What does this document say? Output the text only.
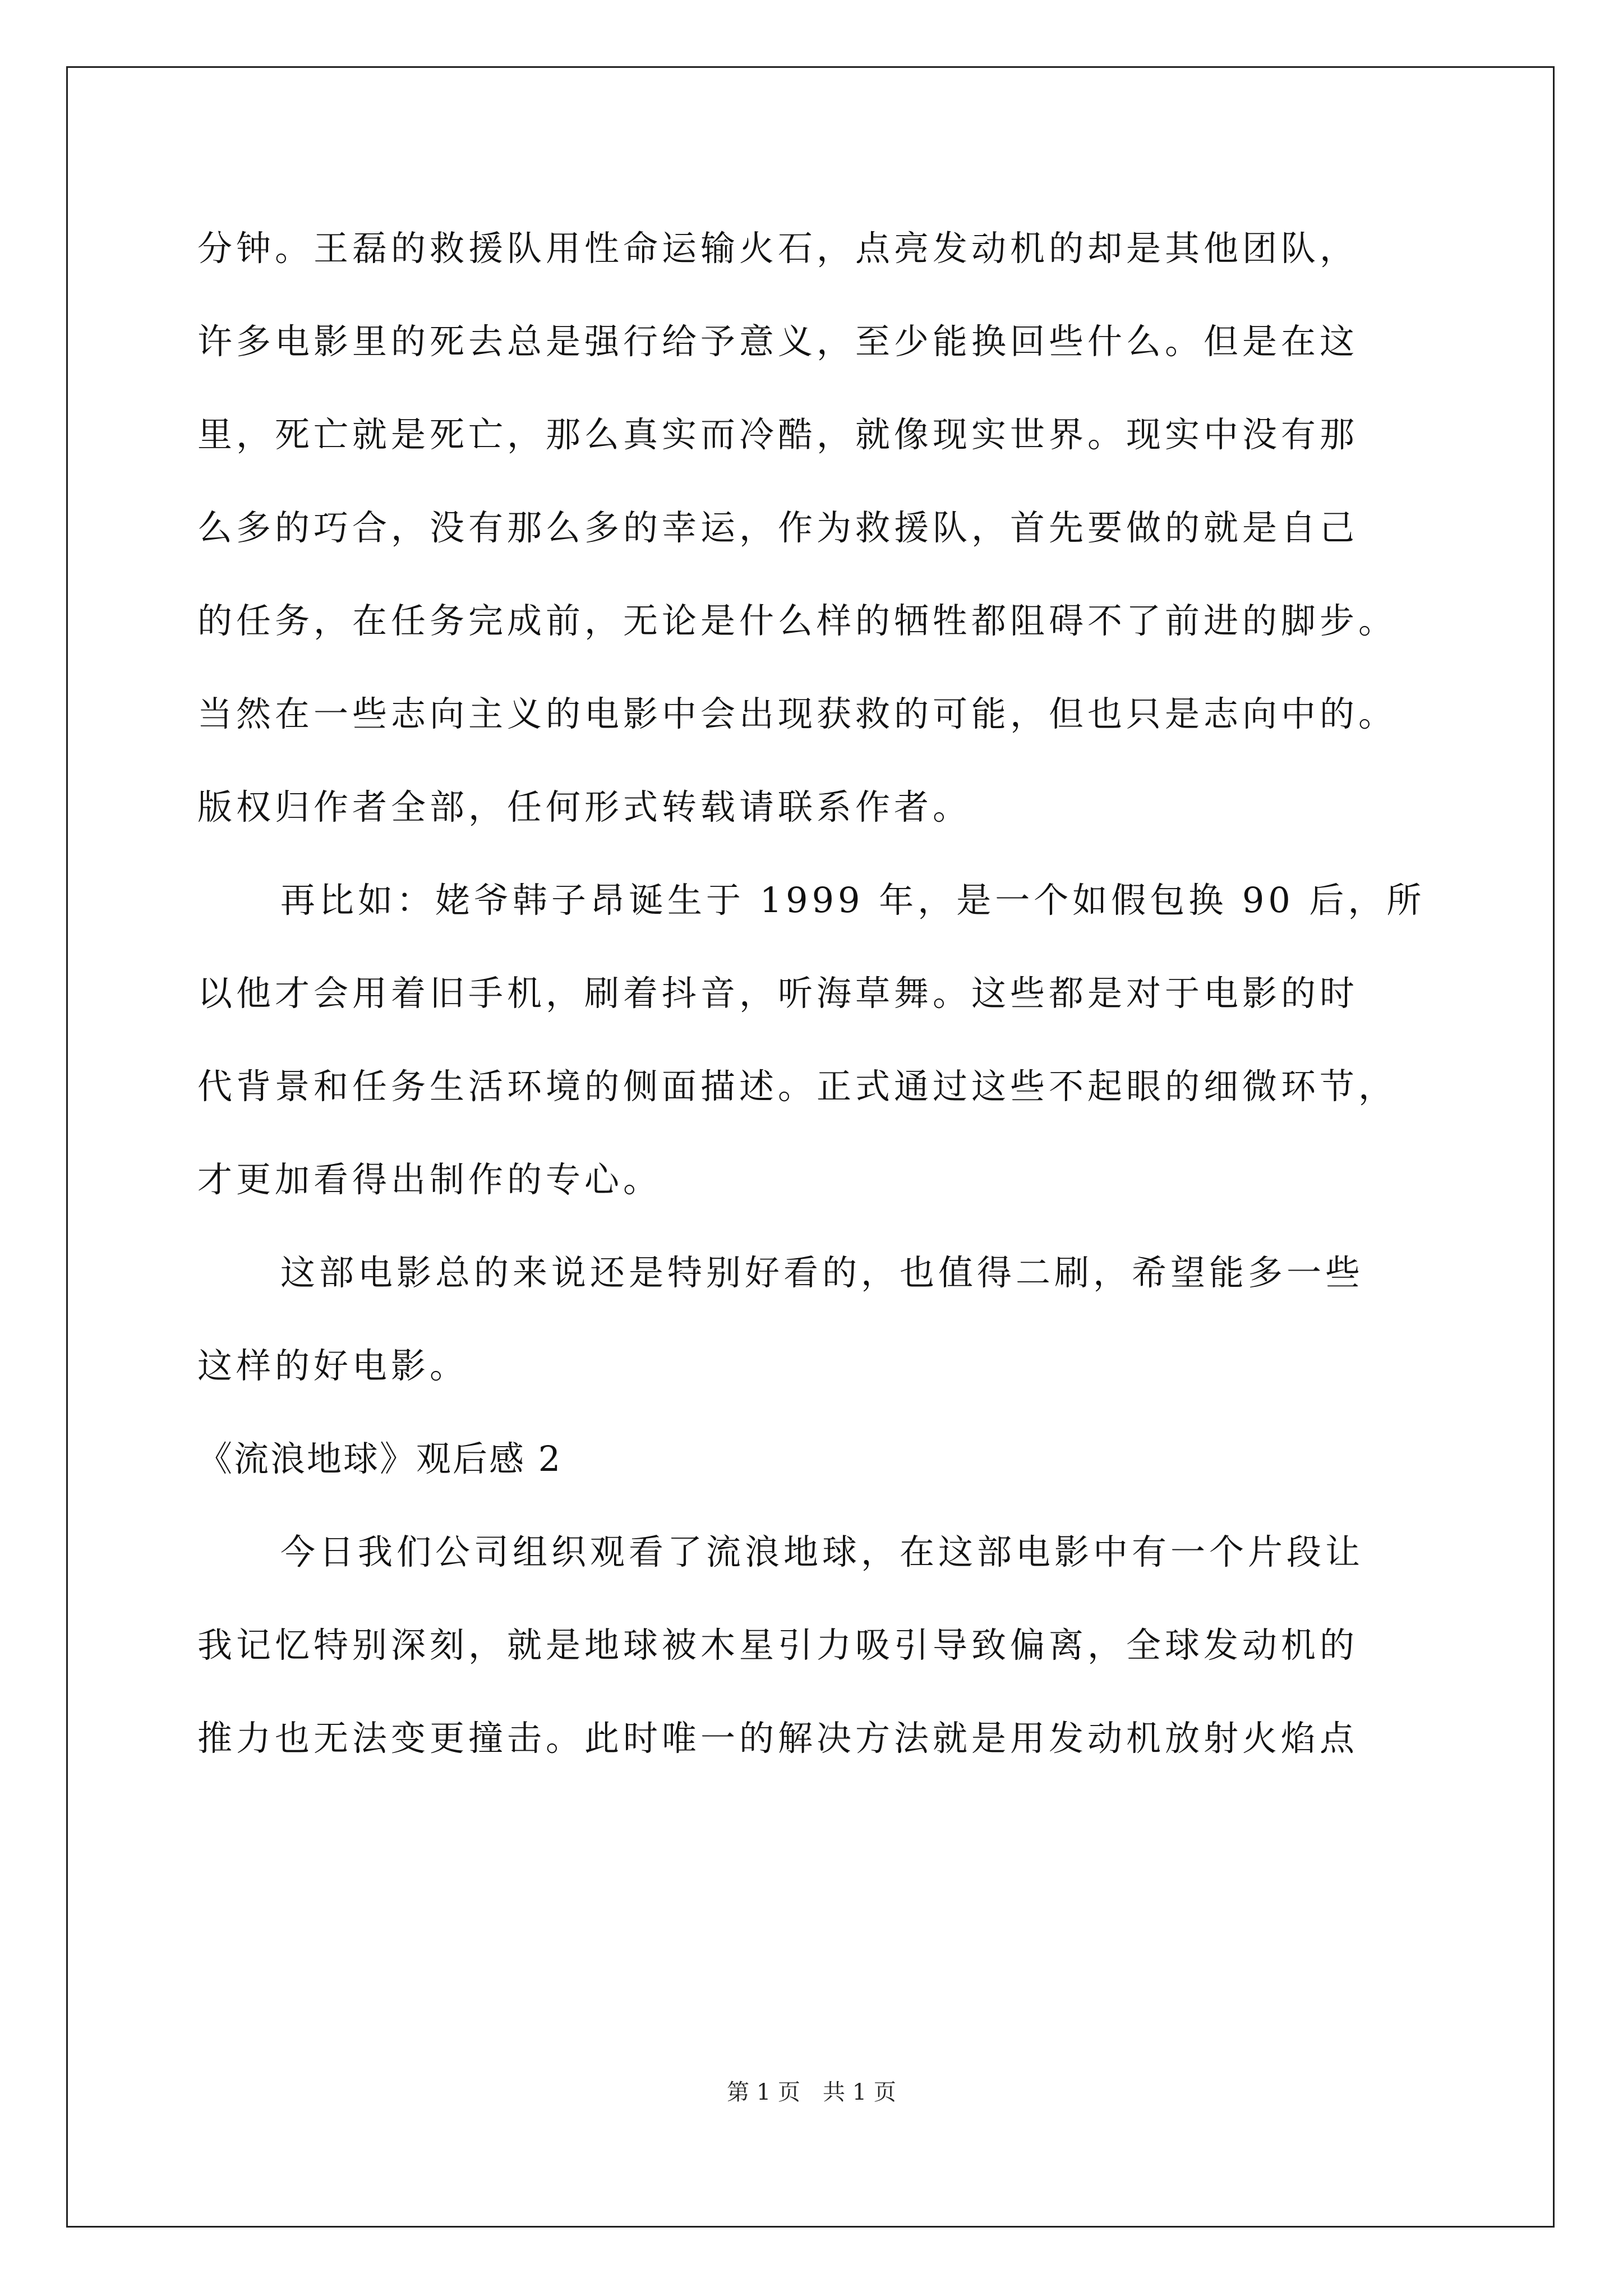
分钟。王磊的救援队用性命运输火石，点亮发动机的却是其他团队，
许多电影里的死去总是强行给予意义，至少能换回些什么。但是在这
里，死亡就是死亡，那么真实而冷酷，就像现实世界。现实中没有那
么多的巧合，没有那么多的幸运，作为救援队，首先要做的就是自己
的任务，在任务完成前，无论是什么样的牺牲都阻碍不了前进的脚步。
当然在一些志向主义的电影中会出现获救的可能，但也只是志向中的。
版权归作者全部，任何形式转载请联系作者。
再比如：姥爷韩子昂诞生于 1999 年，是一个如假包换 90 后，所
以他才会用着旧手机，刷着抖音，听海草舞。这些都是对于电影的时
代背景和任务生活环境的侧面描述。正式通过这些不起眼的细微环节，
才更加看得出制作的专心。
这部电影总的来说还是特别好看的，也值得二刷，希望能多一些
这样的好电影。
《流浪地球》观后感 2
今日我们公司组织观看了流浪地球，在这部电影中有一个片段让
我记忆特别深刻，就是地球被木星引力吸引导致偏离，全球发动机的
推力也无法变更撞击。此时唯一的解决方法就是用发动机放射火焰点
第 1 页 共 1 页
